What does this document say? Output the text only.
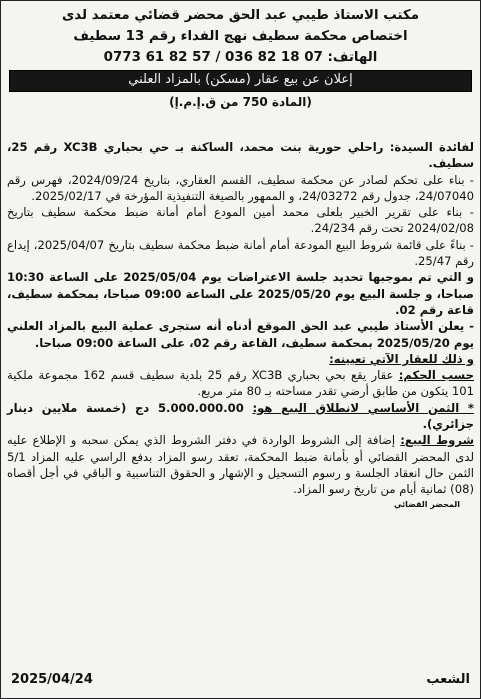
مكتب الاستاذ طيبي عبد الحق محضر قضائي معتمد لدى
اختصاص محكمة سطيف نهج الفداء رقم 13 سطيف
الهاتف: 0773 61 82 57 / 036 82 18 07
إعلان عن بيع عقار (مسكن) بالمزاد العلني
(المادة 750 من ق.إ.م.إ)

لفائدة السيدة: راحلي حورية بنت محمد، الساكنة بـ حي بحباري XC3B رقم 25، سطيف.

- بناء على تحكم لصادر عن محكمة سطيف، القسم العقاري، بتاريخ 2024/09/24، فهرس رقم 24/07040، جدول رقم 24/03272، و الممهور بالصيغة التنفيذية المؤرخة في 2025/02/17.

- بناء على تقرير الخبير بلعلى محمد أمين المودع أمام أمانة ضبط محكمة سطيف بتاريخ 2024/02/08 تحت رقم 24/234.

- بناءً على قائمة شروط البيع المودعة أمام أمانة ضبط محكمة سطيف بتاريخ 2025/04/07، إيداع رقم 25/47.

و التي تم بموجبها تحديد جلسة الاعتراضات يوم 2025/05/04 على الساعة 10:30 صباحا، و جلسة البيع يوم 2025/05/20 على الساعة 09:00 صباحا، بمحكمة سطيف، قاعة رقم 02.

- يعلن الأستاذ طيبي عبد الحق الموقع أدناه أنه ستجرى عملية البيع بالمزاد العلني يوم 2025/05/20 بمحكمة سطيف، القاعة رقم 02، على الساعة 09:00 صباحا.

و ذلك للعقار الآتي تعيينه:

حسب الحكم: عقار يقع بحي بحباري XC3B رقم 25 بلدية سطيف قسم 162 مجموعة ملكية 101 يتكون من طابق أرضي تقدر مساحته بـ 80 متر مربع.

* الثمن الأساسي لانطلاق البيع هو: 5.000.000.00 دج (خمسة ملايين دينار جزائري).

شروط البيع: إضافة إلى الشروط الواردة في دفتر الشروط الذي يمكن سحبه و الإطلاع عليه لدى المحضر القضائي أو بأمانة ضبط المحكمة، تعقد رسو المزاد بدفع الراسي عليه المزاد 5/1 الثمن حال انعقاد الجلسة و رسوم التسجيل و الإشهار و الحقوق التناسبية و الباقي في أجل أقصاه (08) ثمانية أيام من تاريخ رسو المزاد.

المحضر القضائي
الشعب
2025/04/24
